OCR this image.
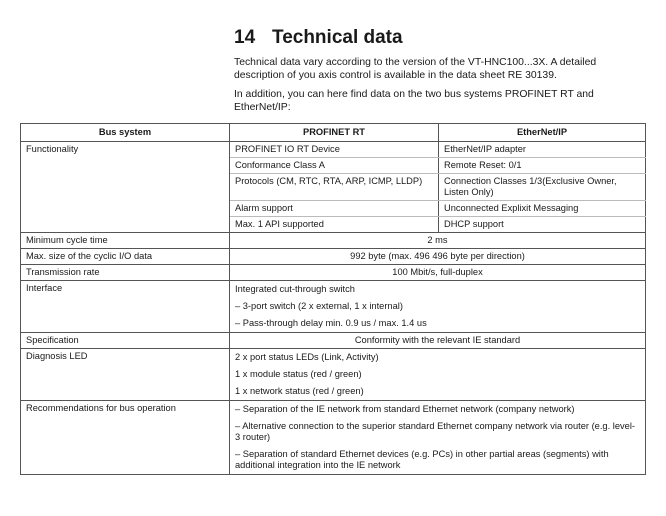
14 Technical data
Technical data vary according to the version of the VT-HNC100...3X. A detailed description of you axis control is available in the data sheet RE 30139.
In addition, you can here find data on the two bus systems PROFINET RT and EtherNet/IP:
Bus system	PROFINET RT	EtherNet/IP
Functionality	PROFINET IO RT Device	EtherNet/IP adapter
	Conformance Class A	Remote Reset: 0/1
	Protocols (CM, RTC, RTA, ARP, ICMP, LLDP)	Connection Classes 1/3(Exclusive Owner, Listen Only)
	Alarm support	Unconnected Explixit Messaging
	Max. 1 API supported	DHCP support
Minimum cycle time	2 ms	
Max. size of the cyclic I/O data	992 byte (max. 496 496 byte per direction)	
Transmission rate	100 Mbit/s, full-duplex	
Interface	Integrated cut-through switch	
	– 3-port switch (2 x external, 1 x internal)	
	– Pass-through delay min. 0.9 us / max. 1.4 us	
Specification	Conformity with the relevant IE standard	
Diagnosis LED	2 x port status LEDs (Link, Activity)	
	1 x module status (red / green)	
	1 x network status (red / green)	
Recommendations for bus operation	– Separation of the IE network from standard Ethernet network (company network)	
	– Alternative connection to the superior standard Ethernet company network via router (e.g. level-3 router)	
	– Separation of standard Ethernet devices (e.g. PCs) in other partial areas (segments) with additional integration into the IE network	
